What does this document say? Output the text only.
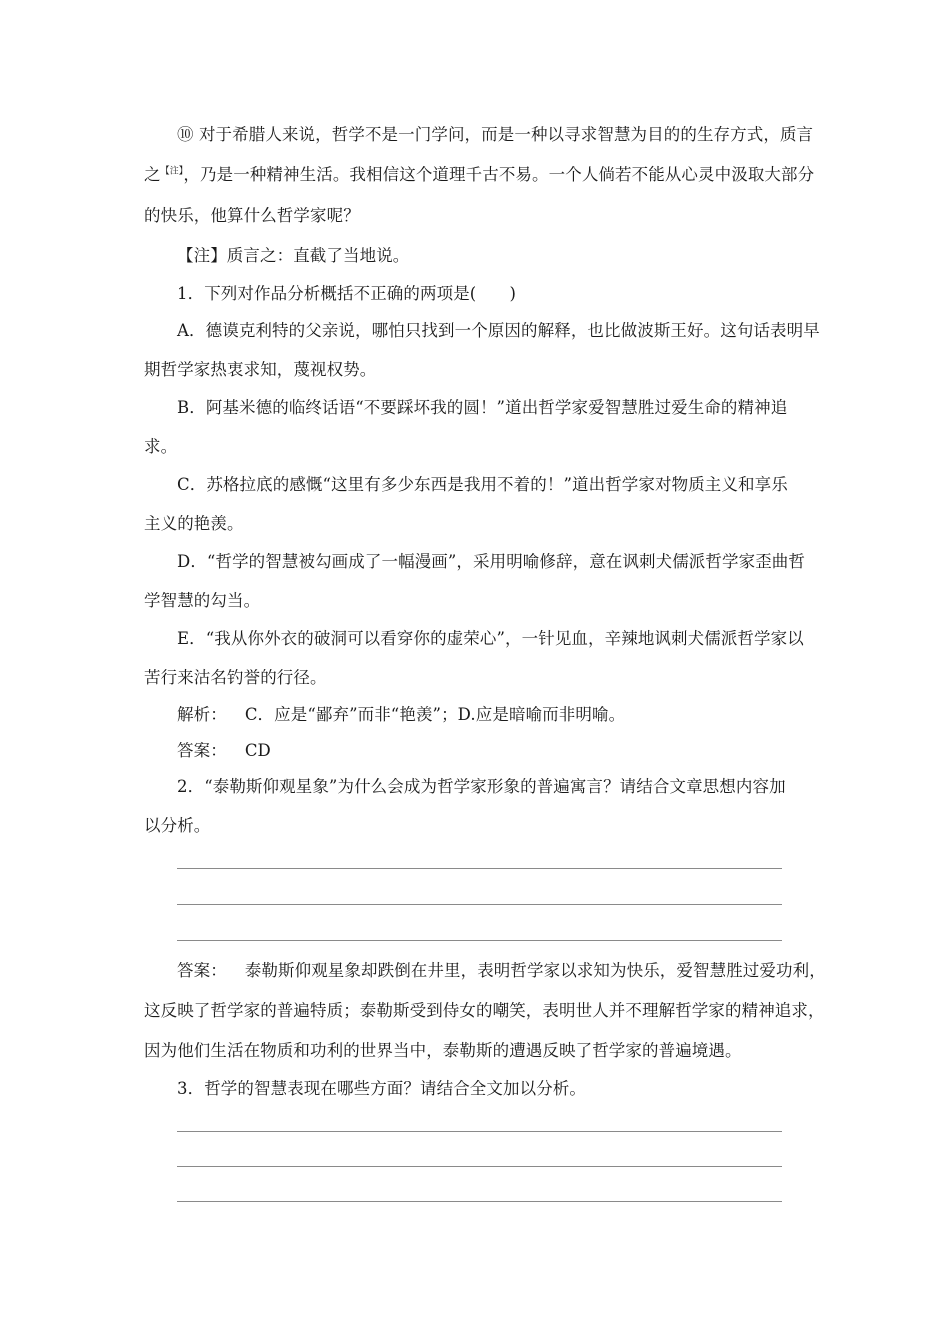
⑩ 对于希腊人来说，哲学不是一门学问，而是一种以寻求智慧为目的的生存方式，质言
之$^{【注】}$，乃是一种精神生活。我相信这个道理千古不易。一个人倘若不能从心灵中汲取大部分
的快乐，他算什么哲学家呢？
【注】质言之：直截了当地说。
1．下列对作品分析概括不正确的两项是(　　)
A．德谟克利特的父亲说，哪怕只找到一个原因的解释，也比做波斯王好。这句话表明早
期哲学家热衷求知，蔑视权势。
B．阿基米德的临终话语“不要踩坏我的圆！”道出哲学家爱智慧胜过爱生命的精神追
求。
C．苏格拉底的感慨“这里有多少东西是我用不着的！”道出哲学家对物质主义和享乐
主义的艳羡。
D．“哲学的智慧被勾画成了一幅漫画”，采用明喻修辞，意在讽刺犬儒派哲学家歪曲哲
学智慧的勾当。
E．“我从你外衣的破洞可以看穿你的虚荣心”，一针见血，辛辣地讽刺犬儒派哲学家以
苦行来沽名钓誉的行径。
解析： C．应是“鄙弃”而非“艳羡”；D.应是暗喻而非明喻。
答案： CD
2．“泰勒斯仰观星象”为什么会成为哲学家形象的普遍寓言？请结合文章思想内容加
以分析。
答案： 泰勒斯仰观星象却跌倒在井里，表明哲学家以求知为快乐，爱智慧胜过爱功利，
这反映了哲学家的普遍特质；泰勒斯受到侍女的嘲笑，表明世人并不理解哲学家的精神追求，
因为他们生活在物质和功利的世界当中，泰勒斯的遭遇反映了哲学家的普遍境遇。
3．哲学的智慧表现在哪些方面？请结合全文加以分析。
